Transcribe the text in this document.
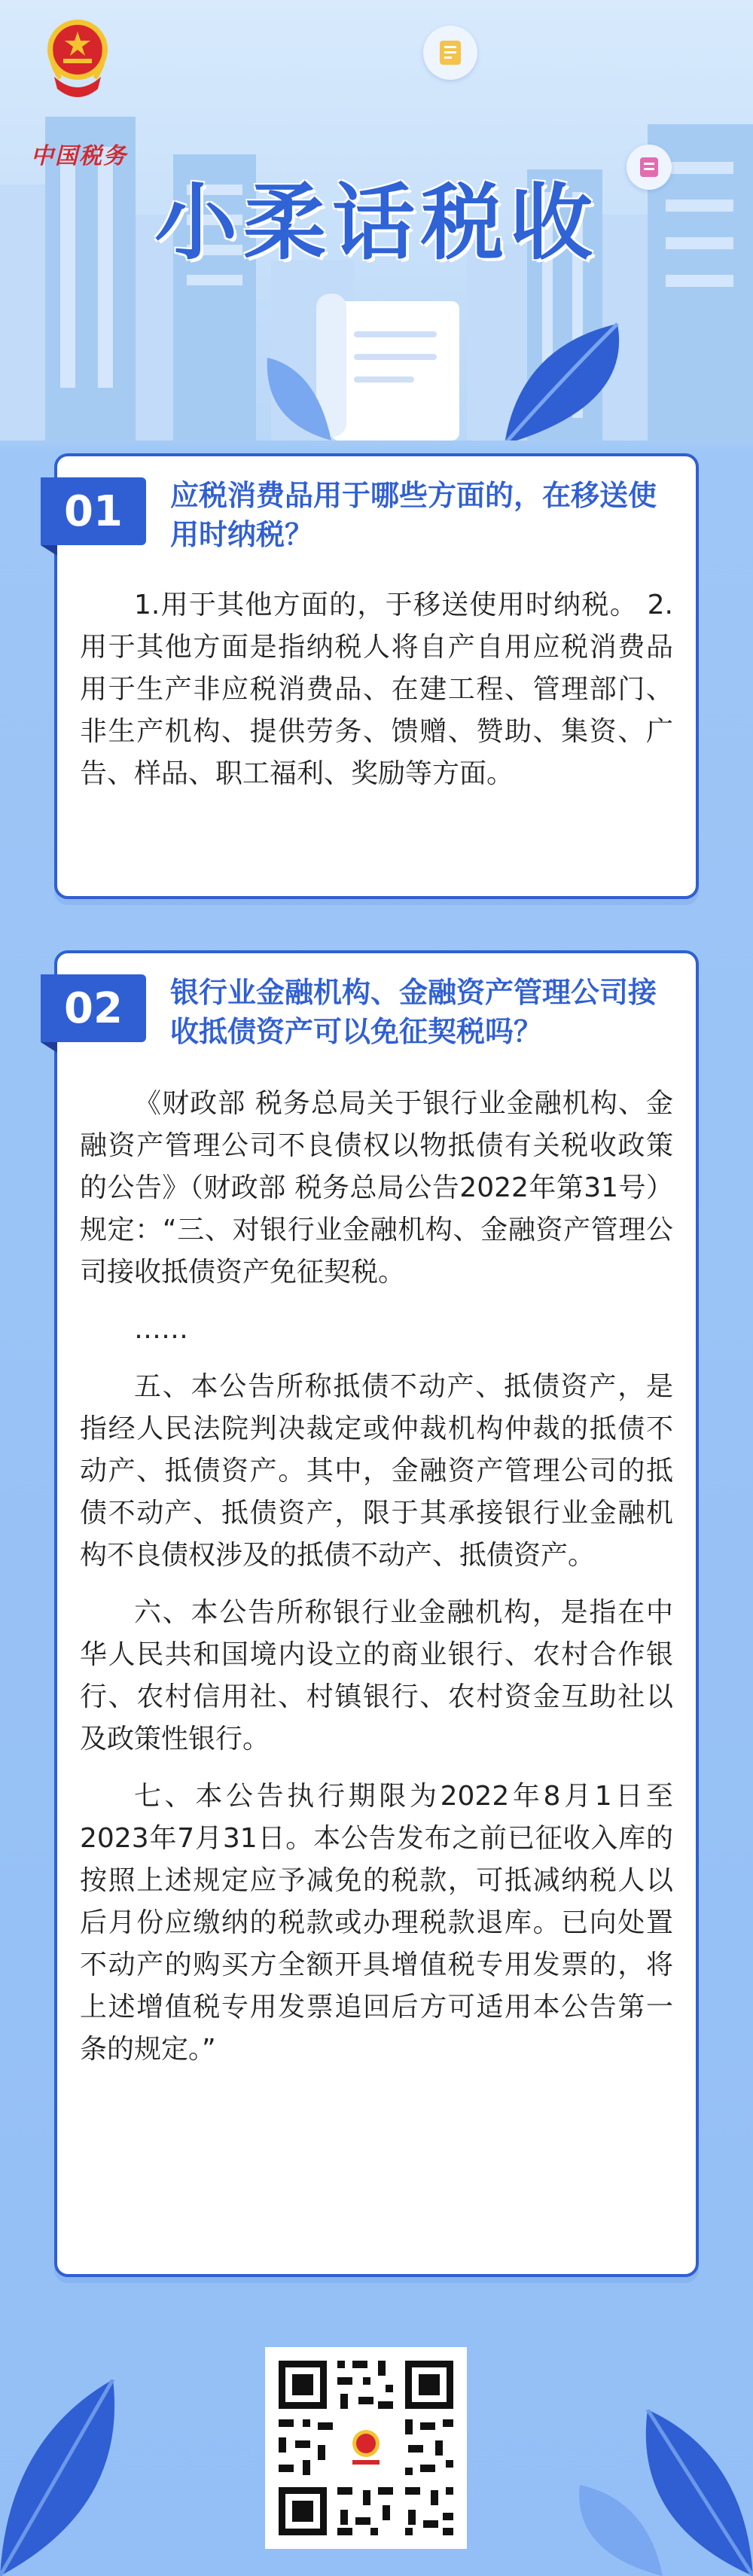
中国税务
小柔话税收
01	应税消费品用于哪些方面的，在移送使用时纳税？

1.用于其他方面的，于移送使用时纳税。 2.用于其他方面是指纳税人将自产自用应税消费品用于生产非应税消费品、在建工程、管理部门、非生产机构、提供劳务、馈赠、赞助、集资、广告、样品、职工福利、奖励等方面。

02	银行业金融机构、金融资产管理公司接收抵债资产可以免征契税吗？

《财政部 税务总局关于银行业金融机构、金融资产管理公司不良债权以物抵债有关税收政策的公告》（财政部 税务总局公告2022年第31号）规定：“三、对银行业金融机构、金融资产管理公司接收抵债资产免征契税。

……

五、本公告所称抵债不动产、抵债资产，是指经人民法院判决裁定或仲裁机构仲裁的抵债不动产、抵债资产。其中，金融资产管理公司的抵债不动产、抵债资产，限于其承接银行业金融机构不良债权涉及的抵债不动产、抵债资产。

六、本公告所称银行业金融机构，是指在中华人民共和国境内设立的商业银行、农村合作银行、农村信用社、村镇银行、农村资金互助社以及政策性银行。

七、本公告执行期限为2022年8月1日至2023年7月31日。本公告发布之前已征收入库的按照上述规定应予减免的税款，可抵减纳税人以后月份应缴纳的税款或办理税款退库。已向处置不动产的购买方全额开具增值税专用发票的，将上述增值税专用发票追回后方可适用本公告第一条的规定。”
